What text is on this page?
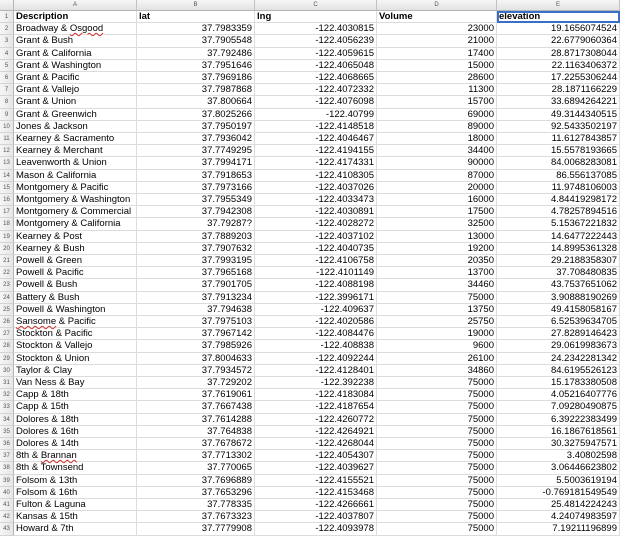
A	B	C	D	E
1 Description	lat	lng	Volume	elevation
2 Broadway & Osgood	37.7983359	-122.4030815	23000	19.1656074524
3 Grant & Bush	37.7905548	-122.4056239	21000	22.6779060364
4 Grant & California	37.792486	-122.4059615	17400	28.8717308044
5 Grant & Washington	37.7951646	-122.4065048	15000	22.1163406372
6 Grant & Pacific	37.7969186	-122.4068665	28600	17.2255306244
7 Grant & Vallejo	37.7987868	-122.4072332	11300	28.1871166229
8 Grant & Union	37.800664	-122.4076098	15700	33.6894264221
9 Grant & Greenwich	37.8025266	-122.40799	69000	49.3144340515
10 Jones & Jackson	37.7950197	-122.4148518	89000	92.5433502197
11 Kearney & Sacramento	37.7936042	-122.4046467	18000	11.6127843857
12 Kearney & Merchant	37.7749295	-122.4194155	34400	15.5578193665
13 Leavenworth & Union	37.7994171	-122.4174331	90000	84.0068283081
14 Mason & California	37.7918653	-122.4108305	87000	86.556137085
15 Montgomery & Pacific	37.7973166	-122.4037026	20000	11.9748106003
16 Montgomery & Washington	37.7955349	-122.4033473	16000	4.84419298172
17 Montgomery & Commercial	37.7942308	-122.4030891	17500	4.78257894516
18 Montgomery & California	37.79287?	-122.4028272	32500	5.15367221832
19 Kearney & Post	37.7889203	-122.4037102	13000	14.6477222443
20 Kearney & Bush	37.7907632	-122.4040735	19200	14.8995361328
21 Powell & Green	37.7993195	-122.4106758	20350	29.2188358307
22 Powell & Pacific	37.7965168	-122.4101149	13700	37.708480835
23 Powell & Bush	37.7901705	-122.4088198	34460	43.7537651062
24 Battery & Bush	37.7913234	-122.3996171	75000	3.90888190269
25 Powell & Washington	37.794638	-122.409637	13750	49.4158058167
26 Sansome & Pacific	37.7975103	-122.4020586	25750	6.52539634705
27 Stockton & Pacific	37.7967142	-122.4084476	19000	27.8289146423
28 Stockton & Vallejo	37.7985926	-122.408838	9600	29.0619983673
29 Stockton & Union	37.8004633	-122.4092244	26100	24.2342281342
30 Taylor & Clay	37.7934572	-122.4128401	34860	84.6195526123
31 Van Ness & Bay	37.729202	-122.392238	75000	15.1783380508
32 Capp & 18th	37.7619061	-122.4183084	75000	4.05216407776
33 Capp & 15th	37.7667438	-122.4187654	75000	7.09280490875
34 Dolores & 18th	37.7614288	-122.4260772	75000	6.39222383499
35 Dolores & 16th	37.764838	-122.4264921	75000	16.1867618561
36 Dolores & 14th	37.7678672	-122.4268044	75000	30.3275947571
37 8th & Brannan	37.7713302	-122.4054307	75000	3.40802598
38 8th & Townsend	37.770065	-122.4039627	75000	3.06446623802
39 Folsom & 13th	37.7696889	-122.4155521	75000	5.5003619194
40 Folsom & 16th	37.7653296	-122.4153468	75000	-0.769181549549
41 Fulton & Laguna	37.778335	-122.4266661	75000	25.4814224243
42 Kansas & 15th	37.7673323	-122.4037807	75000	4.24074983597
43 Howard & 7th	37.7779908	-122.4093978	75000	7.19211196899
